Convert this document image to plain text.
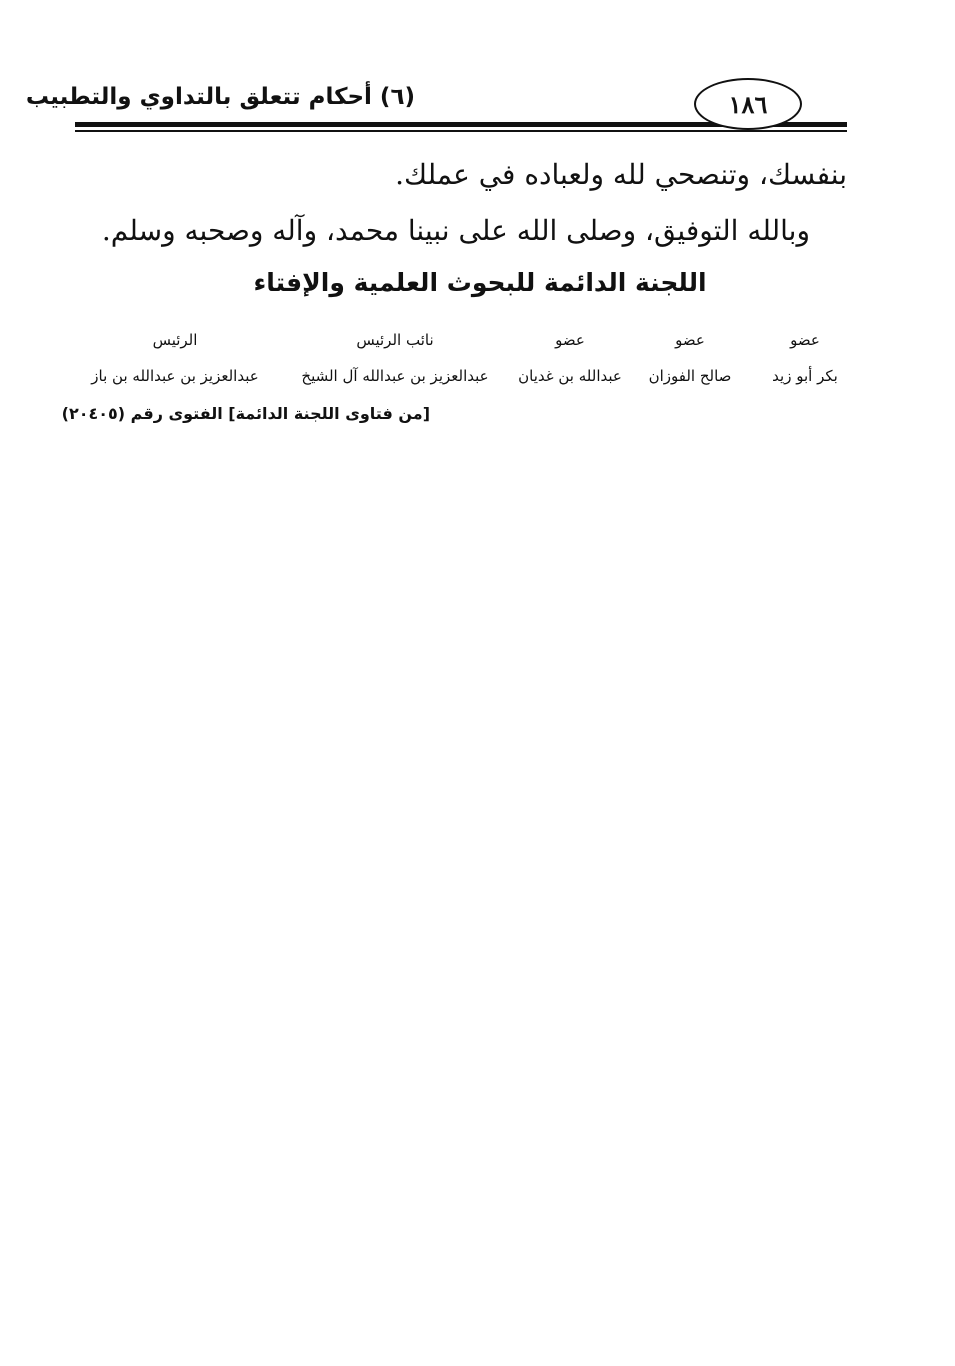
(٦) أحكام تتعلق بالتداوي والتطبيب	١٨٦
بنفسك، وتنصحي لله ولعباده في عملك.
وبالله التوفيق، وصلى الله على نبينا محمد، وآله وصحبه وسلم.
اللجنة الدائمة للبحوث العلمية والإفتاء
عضو
بكر أبو زيد
عضو
صالح الفوزان
عضو
عبدالله بن غديان
نائب الرئيس
عبدالعزيز بن عبدالله آل الشيخ
الرئيس
عبدالعزيز بن عبدالله بن باز
[من فتاوى اللجنة الدائمة] الفتوى رقم (٢٠٤٠٥)
